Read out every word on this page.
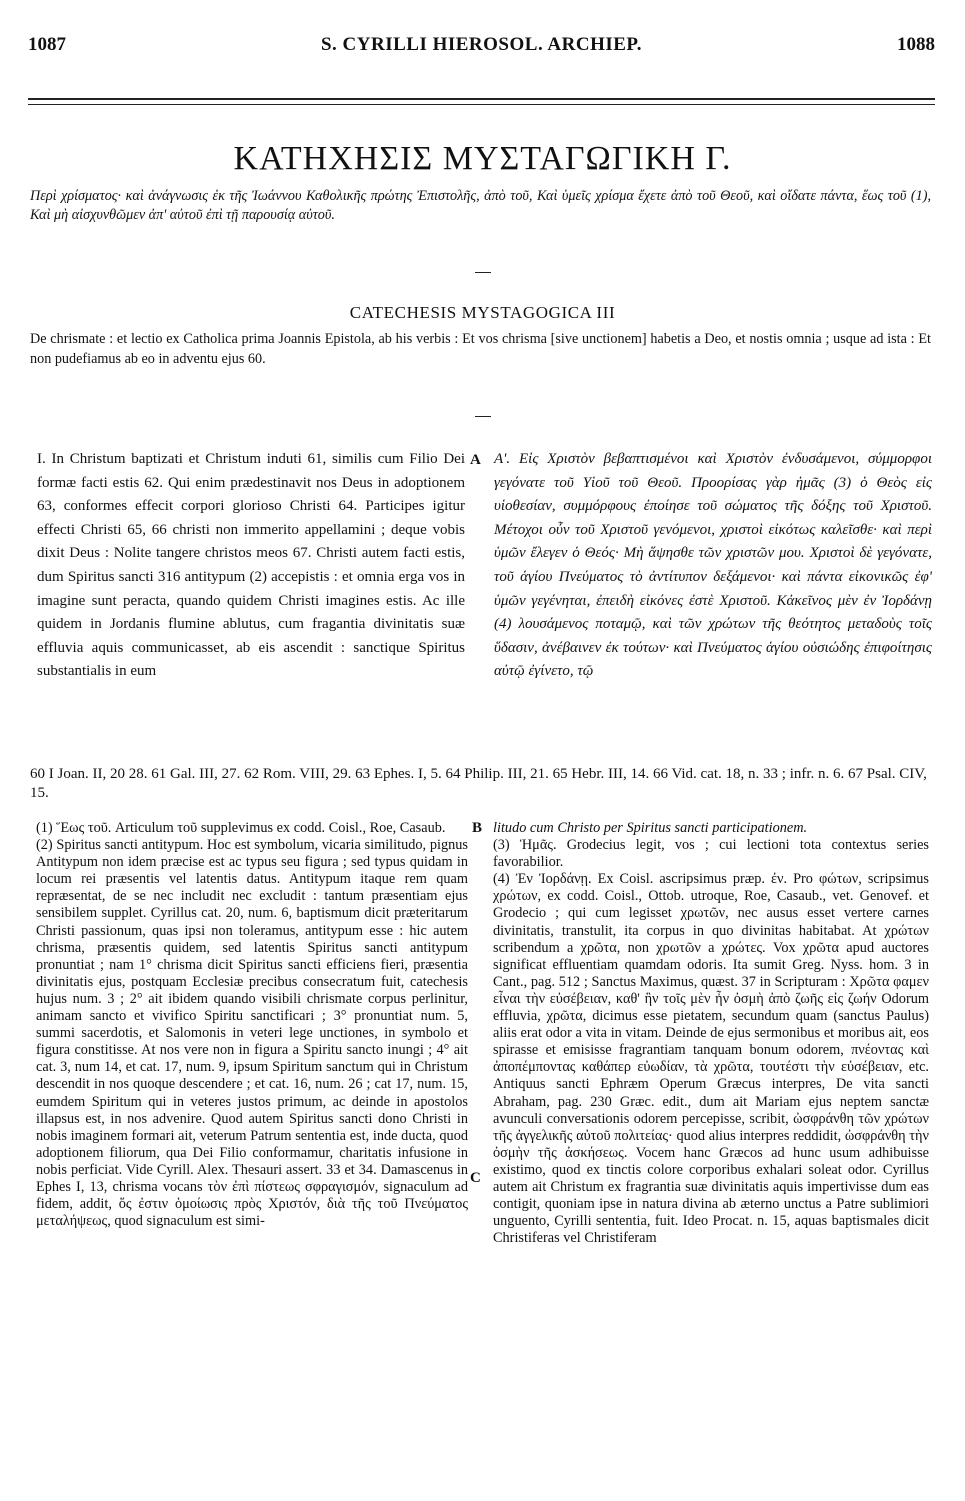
1087	S. CYRILLI HIEROSOL. ARCHIEP.	1088
ΚΑΤΗΧΗΣΙΣ ΜΥΣΤΑΓΩΓΙΚΗ Γ.
Περὶ χρίσματος· καὶ ἀνάγνωσις ἐκ τῆς Ἰωάννου Καθολικῆς πρώτης Ἐπιστολῆς, ἀπὸ τοῦ, Καὶ ὑμεῖς χρίσμα ἔχετε ἀπὸ τοῦ Θεοῦ, καὶ οἴδατε πάντα, ἕως τοῦ (1), Καὶ μὴ αἰσχυνθῶμεν ἀπ' αὐτοῦ ἐπὶ τῇ παρουσίᾳ αὐτοῦ.
CATECHESIS MYSTAGOGICA III
De chrismate : et lectio ex Catholica prima Joannis Epistola, ab his verbis : Et vos chrisma [sive unctionem] habetis a Deo, et nostis omnia ; usque ad ista : Et non pudefiamus ab eo in adventu ejus 60.
I. In Christum baptizati et Christum induti 61, similis cum Filio Dei formæ facti estis 62. Qui enim prædestinavit nos Deus in adoptionem 63, conformes effecit corpori glorioso Christi 64. Participes igitur effecti Christi 65, 66 christi non immerito appellamini ; deque vobis dixit Deus : Nolite tangere christos meos 67. Christi autem facti estis, dum Spiritus sancti 316 antitypum (2) accepistis : et omnia erga vos in imagine sunt peracta, quando quidem Christi imagines estis. Ac ille quidem in Jordanis flumine ablutus, cum fragantia divinitatis suæ effluvia aquis communicasset, ab eis ascendit : sanctique Spiritus substantialis in eum
A Α'. Εἰς Χριστὸν βεβαπτισμένοι καὶ Χριστὸν ἐνδυσάμενοι, σύμμορφοι γεγόνατε τοῦ Υἱοῦ τοῦ Θεοῦ. Προορίσας γὰρ ἡμᾶς (3) ὁ Θεὸς εἰς υἱοθεσίαν, συμμόρφους ἐποίησε τοῦ σώματος τῆς δόξης τοῦ Χριστοῦ. Μέτοχοι οὖν τοῦ Χριστοῦ γενόμενοι, χριστοὶ εἰκότως καλεῖσθε· καὶ περὶ ὑμῶν ἔλεγεν ὁ Θεός· Μὴ ἅψησθε τῶν χριστῶν μου. Χριστοὶ δὲ γεγόνατε, τοῦ ἁγίου Πνεύματος τὸ ἀντίτυπον δεξάμενοι· καὶ πάντα εἰκονικῶς ἐφ' ὑμῶν γεγένηται, ἐπειδὴ εἰκόνες ἐστὲ Χριστοῦ. Κἀκεῖνος μὲν ἐν Ἰορδάνῃ (4) λουσάμενος ποταμῷ, καὶ τῶν χρώτων τῆς θεότητος μεταδοὺς τοῖς ὕδασιν, ἀνέβαινεν ἐκ τούτων· καὶ Πνεύματος ἁγίου οὐσιώδης ἐπιφοίτησις αὐτῷ ἐγίνετο, τῷ
60 I Joan. II, 20 28. 61 Gal. III, 27. 62 Rom. VIII, 29. 63 Ephes. I, 5. 64 Philip. III, 21. 65 Hebr. III, 14. 66 Vid. cat. 18, n. 33 ; infr. n. 6. 67 Psal. CIV, 15.

(1) Ἕως τοῦ. Articulum τοῦ supplevimus ex codd. Coisl., Roe, Casaub.

(2) Spiritus sancti antitypum. Hoc est symbolum, vicaria similitudo, pignus Antitypum non idem præcise est ac typus seu figura ; sed typus quidam in locum rei præsentis vel latentis datus. Antitypum itaque rem quam repræsentat, de se nec includit nec excludit : tantum præsentiam ejus sensibilem supplet. Cyrillus cat. 20, num. 6, baptismum dicit præteritarum Christi passionum, quas ipsi non toleramus, antitypum esse : hic autem chrisma, præsentis quidem, sed latentis Spiritus sancti antitypum pronuntiat ; nam 1° chrisma dicit Spiritus sancti efficiens fieri, præsentia divinitatis ejus, postquam Ecclesiæ precibus consecratum fuit, catechesis hujus num. 3 ; 2° ait ibidem quando visibili chrismate corpus perlinitur, animam sancto et vivifico Spiritu sanctificari ; 3° pronuntiat num. 5, summi sacerdotis, et Salomonis in veteri lege unctiones, in symbolo et figura constitisse. At nos vere non in figura a Spiritu sancto inungi ; 4° ait cat. 3, num 14, et cat. 17, num. 9, ipsum Spiritum sanctum qui in Christum descendit in nos quoque descendere ; et cat. 16, num. 26 ; cat 17, num. 15, eumdem Spiritum qui in veteres justos primum, ac deinde in apostolos illapsus est, in nos advenire. Quod autem Spiritus sancti dono Christi in nobis imaginem formari ait, veterum Patrum sententia est, inde ducta, quod adoptionem filiorum, qua Dei Filio conformamur, charitatis infusione in nobis perficiat. Vide Cyrill. Alex. Thesauri assert. 33 et 34. Damascenus in Ephes I, 13, chrisma vocans τὸν ἐπὶ πίστεως σφραγισμόν, signaculum ad fidem, addit, ὅς ἐστιν ὁμοίωσις πρὸς Χριστόν, διὰ τῆς τοῦ Πνεύματος μεταλήψεως, quod signaculum est simi-

B
C

litudo cum Christo per Spiritus sancti participationem.

(3) Ἡμᾶς. Grodecius legit, vos ; cui lectioni tota contextus series favorabilior.

(4) Ἐν Ἰορδάνῃ. Ex Coisl. ascripsimus præp. ἐν. Pro φώτων, scripsimus χρώτων, ex codd. Coisl., Ottob. utroque, Roe, Casaub., vet. Genovef. et Grodecio ; qui cum legisset χρωτῶν, nec ausus esset vertere carnes divinitatis, transtulit, ita corpus in quo divinitas habitabat. At χρώτων scribendum a χρῶτα, non χρωτῶν a χρώτες. Vox χρῶτα apud auctores significat effluentiam quamdam odoris. Ita sumit Greg. Nyss. hom. 3 in Cant., pag. 512 ; Sanctus Maximus, quæst. 37 in Scripturam : Χρῶτα φαμεν εἶναι τὴν εὐσέβειαν, καθ' ἣν τοῖς μὲν ἦν ὀσμὴ ἀπὸ ζωῆς εἰς ζωήν Odorum effluvia, χρῶτα, dicimus esse pietatem, secundum quam (sanctus Paulus) aliis erat odor a vita in vitam. Deinde de ejus sermonibus et moribus ait, eos spirasse et emisisse fragrantiam tanquam bonum odorem, πνέοντας καὶ ἀποπέμποντας καθάπερ εὐωδίαν, τὰ χρῶτα, τουτέστι τὴν εὐσέβειαν, etc. Antiquus sancti Ephræm Operum Græcus interpres, De vita sancti Abraham, pag. 230 Græc. edit., dum ait Mariam ejus neptem sanctæ avunculi conversationis odorem percepisse, scribit, ὠσφράνθη τῶν χρώτων τῆς ἀγγελικῆς αὐτοῦ πολιτείας· quod alius interpres reddidit, ὠσφράνθη τὴν ὀσμὴν τῆς ἀσκήσεως. Vocem hanc Græcos ad hunc usum adhibuisse existimo, quod ex tinctis colore corporibus exhalari soleat odor. Cyrillus autem ait Christum ex fragrantia suæ divinitatis aquis impertivisse dum eas contigit, quoniam ipse in natura divina ab æterno unctus a Patre sublimiori unguento, Cyrilli sententia, fuit. Ideo Procat. n. 15, aquas baptismales dicit Christiferas vel Christiferam
